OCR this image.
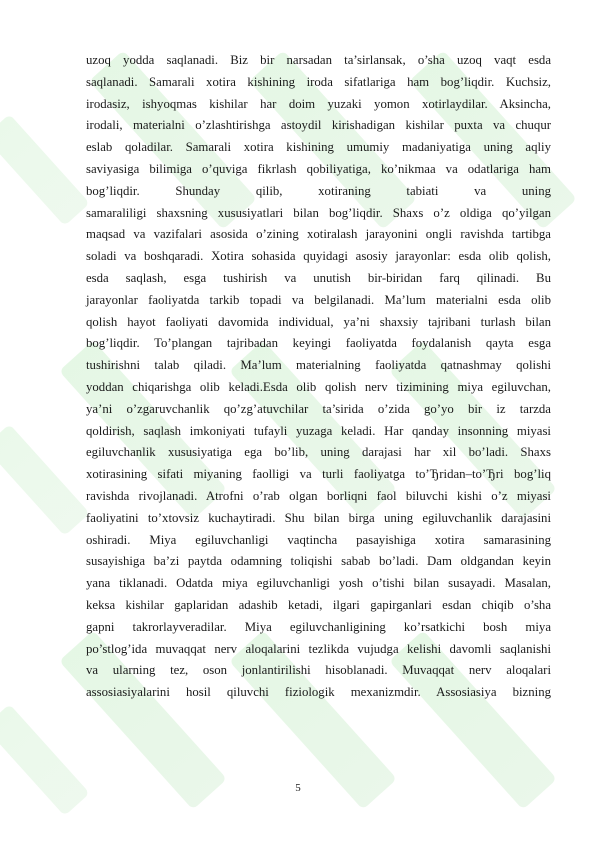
uzoq yodda saqlanadi. Biz bir narsadan ta’sirlansak, o’sha uzoq vaqt esda
saqlanadi. Samarali xotira kishining iroda sifatlariga ham bog’liqdir. Kuchsiz,
irodasiz, ishyoqmas kishilar har doim yuzaki yomon xotirlaydilar. Aksincha,
irodali, materialni o’zlashtirishga astoydil kirishadigan kishilar puxta va chuqur
eslab qoladilar. Samarali xotira kishining umumiy madaniyatiga uning aqliy
saviyasiga bilimiga o’quviga fikrlash qobiliyatiga, ko’nikmaa va odatlariga ham
bog’liqdir. Shunday qilib, xotiraning tabiati va uning
samaraliligi shaxsning xususiyatlari bilan bog’liqdir. Shaxs o’z oldiga qo’yilgan
maqsad va vazifalari asosida o’zining xotiralash jarayonini ongli ravishda tartibga
soladi va boshqaradi. Xotira sohasida quyidagi asosiy jarayonlar: esda olib qolish,
esda saqlash, esga tushirish va unutish bir-biridan farq qilinadi. Bu
jarayonlar faoliyatda tarkib topadi va belgilanadi. Ma’lum materialni esda olib
qolish hayot faoliyati davomida individual, ya’ni shaxsiy tajribani turlash bilan
bog’liqdir. To’plangan tajribadan keyingi faoliyatda foydalanish qayta esga
tushirishni talab qiladi. Ma’lum materialning faoliyatda qatnashmay qolishi
yoddan chiqarishga olib keladi.Esda olib qolish nerv tizimining miya egiluvchan,
ya’ni o’zgaruvchanlik qo’zg’atuvchilar ta’sirida o’zida go’yo bir iz tarzda
qoldirish, saqlash imkoniyati tufayli yuzaga keladi. Har qanday insonning miyasi
egiluvchanlik xususiyatiga ega bo’lib, uning darajasi har xil bo’ladi. Shaxs
xotirasining sifati miyaning faolligi va turli faoliyatga to’Ђridan–to’Ђri bog’liq
ravishda rivojlanadi. Atrofni o’rab olgan borliqni faol biluvchi kishi o’z miyasi
faoliyatini to’xtovsiz kuchaytiradi. Shu bilan birga uning egiluvchanlik darajasini
oshiradi. Miya egiluvchanligi vaqtincha pasayishiga xotira samarasining
susayishiga ba’zi paytda odamning toliqishi sabab bo’ladi. Dam oldgandan keyin
yana tiklanadi. Odatda miya egiluvchanligi yosh o’tishi bilan susayadi. Masalan,
keksa kishilar gaplaridan adashib ketadi, ilgari gapirganlari esdan chiqib o’sha
gapni takrorlayveradilar. Miya egiluvchanligining ko’rsatkichi bosh miya
po’stlog’ida muvaqqat nerv aloqalarini tezlikda vujudga kelishi davomli saqlanishi
va ularning tez, oson jonlantirilishi hisoblanadi. Muvaqqat nerv aloqalari
assosiasiyalarini hosil qiluvchi fiziologik mexanizmdir. Assosiasiya bizning
5
